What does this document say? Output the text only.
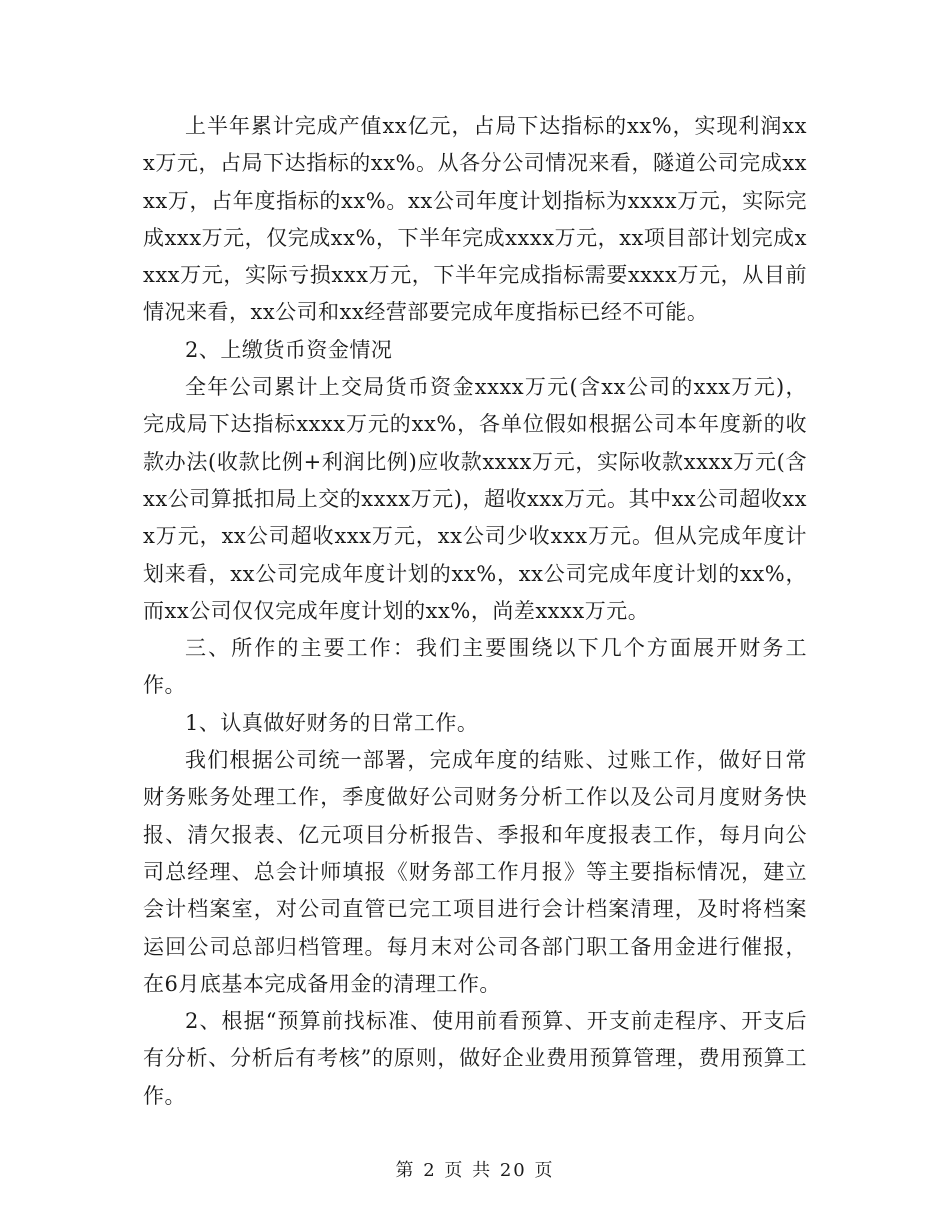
上半年累计完成产值xx亿元，占局下达指标的xx%，实现利润xxx万元，占局下达指标的xx%。从各分公司情况来看，隧道公司完成xxxx万，占年度指标的xx%。xx公司年度计划指标为xxxx万元，实际完成xxx万元，仅完成xx%，下半年完成xxxx万元，xx项目部计划完成xxxx万元，实际亏损xxx万元，下半年完成指标需要xxxx万元，从目前情况来看，xx公司和xx经营部要完成年度指标已经不可能。

2、上缴货币资金情况

全年公司累计上交局货币资金xxxx万元(含xx公司的xxx万元)，完成局下达指标xxxx万元的xx%，各单位假如根据公司本年度新的收款办法(收款比例+利润比例)应收款xxxx万元，实际收款xxxx万元(含xx公司算抵扣局上交的xxxx万元)，超收xxx万元。其中xx公司超收xxx万元，xx公司超收xxx万元，xx公司少收xxx万元。但从完成年度计划来看，xx公司完成年度计划的xx%，xx公司完成年度计划的xx%，而xx公司仅仅完成年度计划的xx%，尚差xxxx万元。

三、所作的主要工作：我们主要围绕以下几个方面展开财务工作。

1、认真做好财务的日常工作。

我们根据公司统一部署，完成年度的结账、过账工作，做好日常财务账务处理工作，季度做好公司财务分析工作以及公司月度财务快报、清欠报表、亿元项目分析报告、季报和年度报表工作，每月向公司总经理、总会计师填报《财务部工作月报》等主要指标情况，建立会计档案室，对公司直管已完工项目进行会计档案清理，及时将档案运回公司总部归档管理。每月末对公司各部门职工备用金进行催报，在6月底基本完成备用金的清理工作。

2、根据“预算前找标准、使用前看预算、开支前走程序、开支后有分析、分析后有考核”的原则，做好企业费用预算管理，费用预算工作。

第 2 页 共 20 页
